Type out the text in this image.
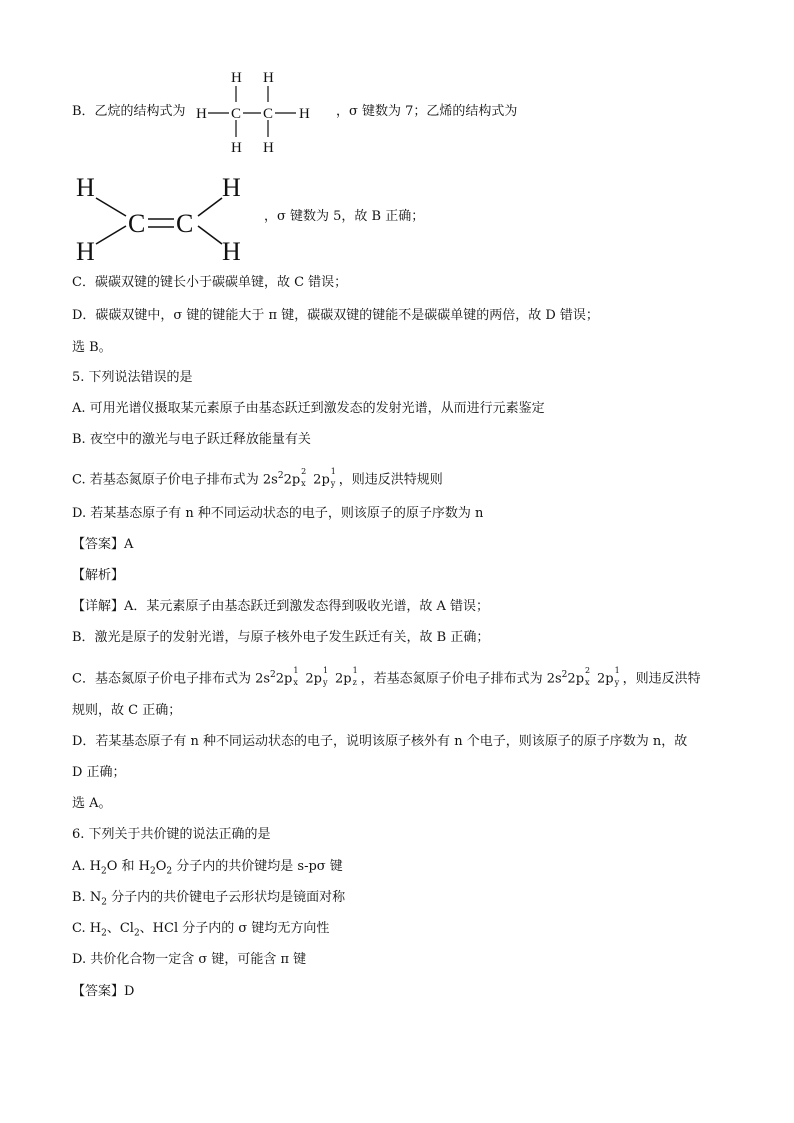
B．乙烷的结构式为
H H
H C C H
H H
，σ 键数为 7；乙烯的结构式为
H	H
C C
H	H
，σ 键数为 5，故 B 正确；
C．碳碳双键的键长小于碳碳单键，故 C 错误；
D．碳碳双键中，σ 键的键能大于 π 键，碳碳双键的键能不是碳碳单键的两倍，故 D 错误；
选 B。
5. 下列说法错误的是
A. 可用光谱仪摄取某元素原子由基态跃迁到激发态的发射光谱，从而进行元素鉴定
B. 夜空中的激光与电子跃迁释放能量有关
C. 若基态氮原子价电子排布式为 $2s^22p$
2
x 2p
1
y ，则违反洪特规则
D. 若某基态原子有 n 种不同运动状态的电子，则该原子的原子序数为 n
【答案】A
【解析】
【详解】A．某元素原子由基态跃迁到激发态得到吸收光谱，故 A 错误；
B．激光是原子的发射光谱，与原子核外电子发生跃迁有关，故 B 正确；
C．基态氮原子价电子排布式为 $2s^22p$
1
x 2p
1
y 2p
1
z ，若基态氮原子价电子排布式为 $2s^22p$
2
x 2p
1
y ，则违反洪特
规则，故 C 正确；
D．若某基态原子有 n 种不同运动状态的电子，说明该原子核外有 n 个电子，则该原子的原子序数为 n，故
D 正确；
选 A。
6. 下列关于共价键的说法正确的是
A. $H_2O$ 和 $H_2O_2$ 分子内的共价键均是 s-pσ 键
B. $N_2$ 分子内的共价键电子云形状均是镜面对称
C. $H_2$、$Cl_2$、HCl 分子内的 σ 键均无方向性
D. 共价化合物一定含 σ 键，可能含 π 键
【答案】D
